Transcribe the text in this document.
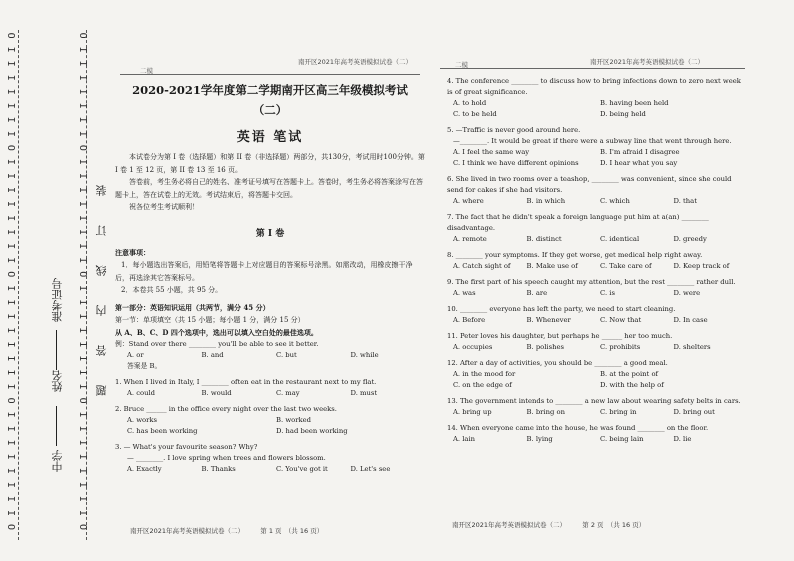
O I I I I I I I I O I I I I I I I I O I I I I I I I I O I I I I I I I O	O I I I I I I I I O I I I I I I I I O I I I I I I I I O I I I I I I I O
准考证号
姓名
中学
装
订
线
内
答
题
二模
南开区2021年高考英语模拟试卷（二）

2020-2021学年度第二学期南开区高三年级模拟考试

（二）

英语 笔试

本试卷分为第 I 卷（选择题）和第 II 卷（非选择题）两部分，共130分，考试用时100分钟。第 I 卷 1 至 12 页，第 II 卷 13 至 16 页。

答卷前，考生务必将自己的姓名、准考证号填写在答题卡上。答卷时，考生务必将答案涂写在答题卡上，答在试卷上的无效。考试结束后，将答题卡交回。

祝各位考生考试顺利！

第 I 卷

注意事项：

1．每小题选出答案后，用铅笔将答题卡上对应题目的答案标号涂黑。如需改动，用橡皮擦干净后，再选涂其它答案标号。

2．本卷共 55 小题，共 95 分。

第一部分：英语知识运用（共两节，满分 45 分）

第一节：单项填空（共 15 小题；每小题 1 分，满分 15 分）

从 A、B、C、D 四个选项中，选出可以填入空白处的最佳选项。

例：Stand over there ________ you'll be able to see it better.

A. or	B. and	C. but	D. while

答案是 B。

1. When I lived in Italy, I ________ often eat in the restaurant next to my flat.

A. could	B. would	C. may	D. must

2. Bruce ______ in the office every night over the last two weeks.

A. works	B. worked
C. has been working	D. had been working

3. — What's your favourite season? Why?

— ________. I love spring when trees and flowers blossom.

A. Exactly	B. Thanks	C. You've got it	D. Let's see
南开区2021年高考英语模拟试卷（二）　　　第 1 页　（共 16 页）
二模	南开区2021年高考英语模拟试卷（二）

4. The conference ________ to discuss how to bring infections down to zero next week is of great significance.

A. to hold	B. having been held
C. to be held	D. being held

5. —Traffic is never good around here.

—________. It would be great if there were a subway line that went through here.

A. I feel the same way	B. I'm afraid I disagree
C. I think we have different opinions	D. I hear what you say

6. She lived in two rooms over a teashop, ________ was convenient, since she could send for cakes if she had visitors.

A. where	B. in which	C. which	D. that

7. The fact that he didn't speak a foreign language put him at a(an) ________ disadvantage.

A. remote	B. distinct	C. identical	D. greedy

8. ________ your symptoms. If they get worse, get medical help right away.

A. Catch sight of	B. Make use of	C. Take care of	D. Keep track of

9. The first part of his speech caught my attention, but the rest ________ rather dull.

A. was	B. are	C. is	D. were

10. ________ everyone has left the party, we need to start cleaning.

A. Before	B. Whenever	C. Now that	D. In case

11. Peter loves his daughter, but perhaps he ______ her too much.

A. occupies	B. polishes	C. prohibits	D. shelters

12. After a day of activities, you should be ________ a good meal.

A. in the mood for	B. at the point of
C. on the edge of	D. with the help of

13. The government intends to ________ a new law about wearing safety belts in cars.

A. bring up	B. bring on	C. bring in	D. bring out

14. When everyone came into the house, he was found ________ on the floor.

A. lain	B. lying	C. being lain	D. lie
南开区2021年高考英语模拟试卷（二）　　　第 2 页　（共 16 页）
